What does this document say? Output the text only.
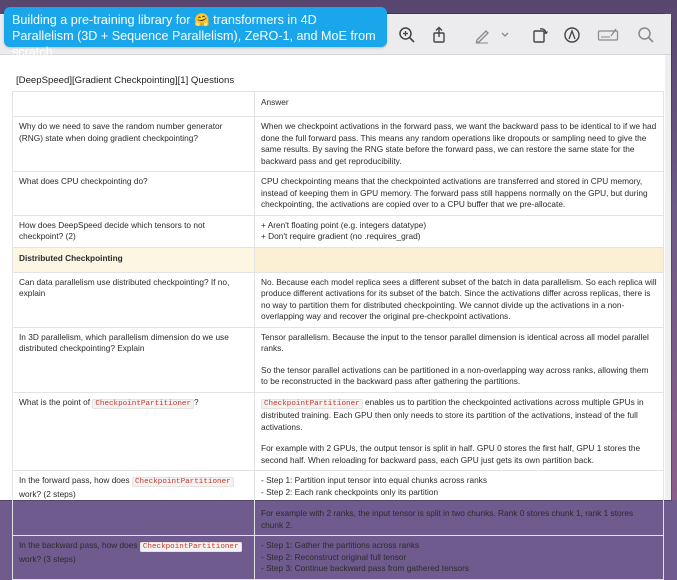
[DeepSpeed][Gradient Checkpointing][1] Questions
	Answer
Why do we need to save the random number generator (RNG) state when doing gradient checkpointing?	When we checkpoint activations in the forward pass, we want the backward pass to be identical to if we had done the full forward pass. This means any random operations like dropouts or sampling need to give the same results. By saving the RNG state before the forward pass, we can restore the same state for the backward pass and get reproducibility.
What does CPU checkpointing do?	CPU checkpointing means that the checkpointed activations are transferred and stored in CPU memory, instead of keeping them in GPU memory. The forward pass still happens normally on the GPU, but during checkpointing, the activations are copied over to a CPU buffer that we pre-allocate.
How does DeepSpeed decide which tensors to not checkpoint? (2)	+ Aren't floating point (e.g. integers datatype)
+ Don't require gradient (no .requires_grad)

Distributed Checkpointing	
Can data parallelism use distributed checkpointing? If no, explain	No. Because each model replica sees a different subset of the batch in data parallelism. So each replica will produce different activations for its subset of the batch. Since the activations differ across replicas, there is no way to partition them for distributed checkpointing. We cannot divide up the activations in a non-overlapping way and recover the original pre-checkpoint activations.
In 3D parallelism, which parallelism dimension do we use distributed checkpointing? Explain	Tensor parallelism. Because the input to the tensor parallel dimension is identical across all model parallel ranks.
So the tensor parallel activations can be partitioned in a non-overlapping way across ranks, allowing them to be reconstructed in the backward pass after gathering the partitions.

What is the point of CheckpointPartitioner ?	CheckpointPartitioner enables us to partition the checkpointed activations across multiple GPUs in distributed training. Each GPU then only needs to store its partition of the activations, instead of the full activations.
For example with 2 GPUs, the output tensor is split in half. GPU 0 stores the first half, GPU 1 stores the second half. When reloading for backward pass, each GPU just gets its own partition back.

In the forward pass, how does CheckpointPartitioner work? (2 steps)	- Step 1: Partition input tensor into equal chunks across ranks
- Step 2: Each rank checkpoints only its partition
For example with 2 ranks, the input tensor is split in two chunks. Rank 0 stores chunk 1, rank 1 stores chunk 2.

In the backward pass, how does CheckpointPartitioner work? (3 steps)	- Step 1: Gather the partitions across ranks
- Step 2: Reconstruct original full tensor
- Step 3: Continue backward pass from gathered tensors
Building a pre-training library for 🤗 transformers in 4D Parallelism (3D + Sequence Parallelism), ZeRO-1, and MoE from scratch
